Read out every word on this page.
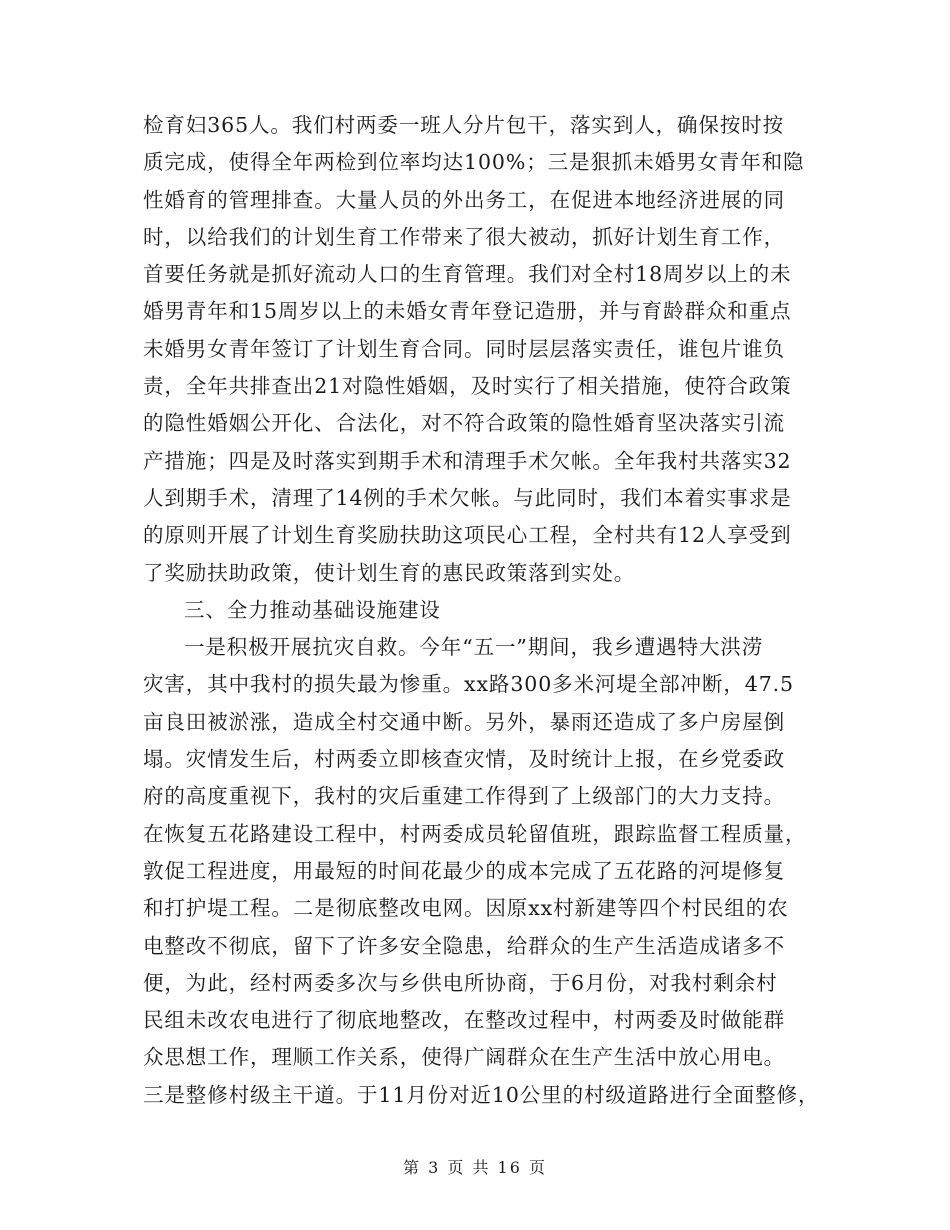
检育妇365人。我们村两委一班人分片包干，落实到人，确保按时按
质完成，使得全年两检到位率均达100%；三是狠抓未婚男女青年和隐
性婚育的管理排查。大量人员的外出务工，在促进本地经济进展的同
时，以给我们的计划生育工作带来了很大被动，抓好计划生育工作，
首要任务就是抓好流动人口的生育管理。我们对全村18周岁以上的未
婚男青年和15周岁以上的未婚女青年登记造册，并与育龄群众和重点
未婚男女青年签订了计划生育合同。同时层层落实责任，谁包片谁负
责，全年共排查出21对隐性婚姻，及时实行了相关措施，使符合政策
的隐性婚姻公开化、合法化，对不符合政策的隐性婚育坚决落实引流
产措施；四是及时落实到期手术和清理手术欠帐。全年我村共落实32
人到期手术，清理了14例的手术欠帐。与此同时，我们本着实事求是
的原则开展了计划生育奖励扶助这项民心工程，全村共有12人享受到
了奖励扶助政策，使计划生育的惠民政策落到实处。
三、全力推动基础设施建设
一是积极开展抗灾自救。今年“五一”期间，我乡遭遇特大洪涝
灾害，其中我村的损失最为惨重。xx路300多米河堤全部冲断，47.5
亩良田被淤涨，造成全村交通中断。另外，暴雨还造成了多户房屋倒
塌。灾情发生后，村两委立即核查灾情，及时统计上报，在乡党委政
府的高度重视下，我村的灾后重建工作得到了上级部门的大力支持。
在恢复五花路建设工程中，村两委成员轮留值班，跟踪监督工程质量，
敦促工程进度，用最短的时间花最少的成本完成了五花路的河堤修复
和打护堤工程。二是彻底整改电网。因原xx村新建等四个村民组的农
电整改不彻底，留下了许多安全隐患，给群众的生产生活造成诸多不
便，为此，经村两委多次与乡供电所协商，于6月份，对我村剩余村
民组未改农电进行了彻底地整改，在整改过程中，村两委及时做能群
众思想工作，理顺工作关系，使得广阔群众在生产生活中放心用电。
三是整修村级主干道。于11月份对近10公里的村级道路进行全面整修，
第 3 页 共 16 页
